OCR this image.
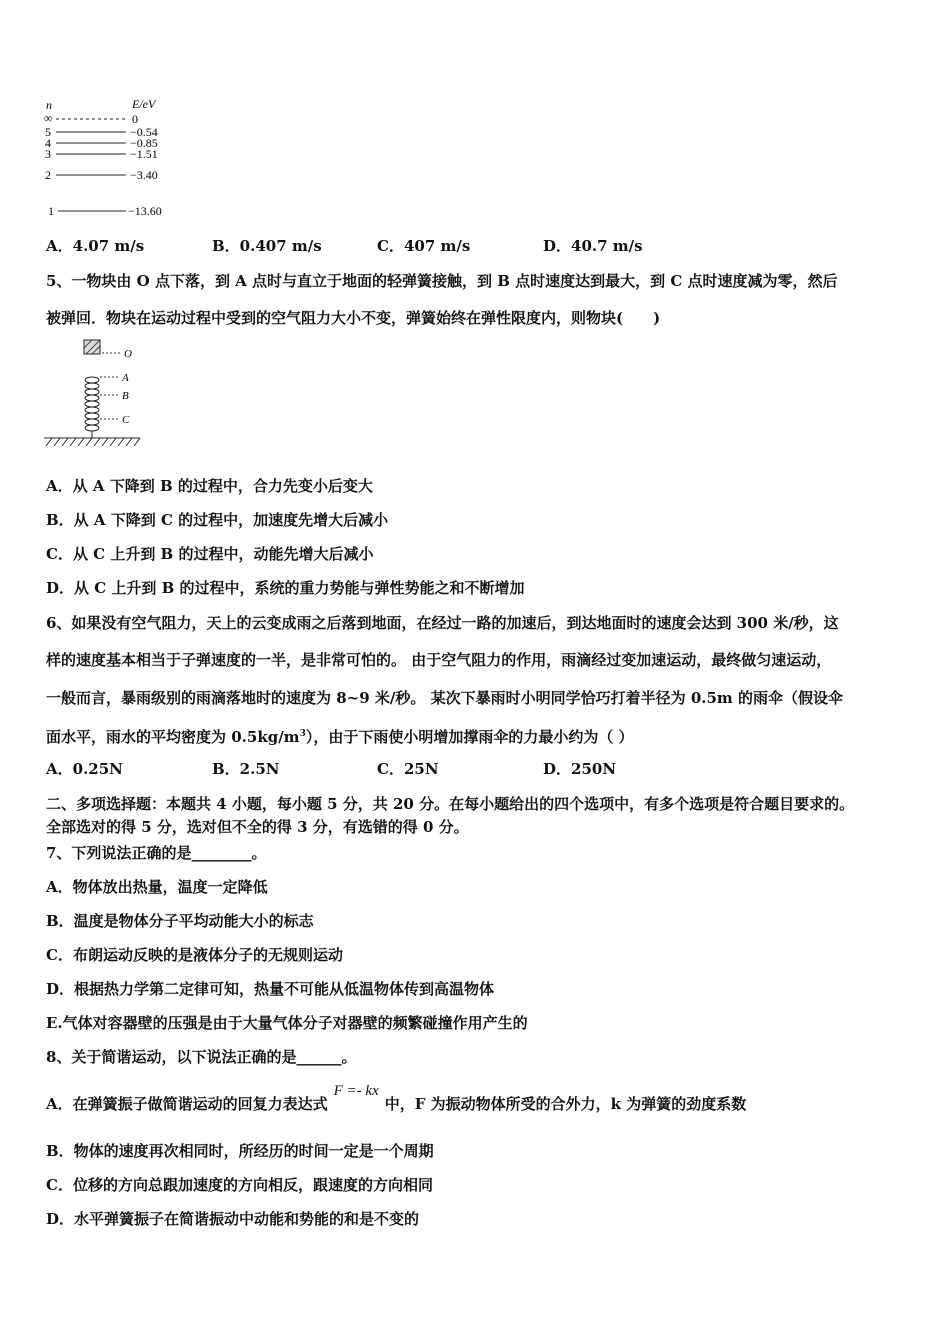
n	E/eV
∞	0
5	−0.54
4	−0.85
3	−1.51
2	−3.40
1	−13.60
A．4.07 m/s	B．0.407 m/s	C．407 m/s	D．40.7 m/s
5、一物块由 O 点下落，到 A 点时与直立于地面的轻弹簧接触，到 B 点时速度达到最大，到 C 点时速度减为零，然后
被弹回．物块在运动过程中受到的空气阻力大小不变，弹簧始终在弹性限度内，则物块(　　)
O
A
B
C
A．从 A 下降到 B 的过程中，合力先变小后变大
B．从 A 下降到 C 的过程中，加速度先增大后减小
C．从 C 上升到 B 的过程中，动能先增大后减小
D．从 C 上升到 B 的过程中，系统的重力势能与弹性势能之和不断增加
6、如果没有空气阻力，天上的云变成雨之后落到地面，在经过一路的加速后，到达地面时的速度会达到 300 米/秒，这
样的速度基本相当于子弹速度的一半，是非常可怕的。 由于空气阻力的作用，雨滴经过变加速运动，最终做匀速运动，
一般而言，暴雨级别的雨滴落地时的速度为 8~9 米/秒。 某次下暴雨时小明同学恰巧打着半径为 0.5m 的雨伞（假设伞
面水平，雨水的平均密度为 $0.5kg/m^3$），由于下雨使小明增加撑雨伞的力最小约为（ ）
A．0.25N	B．2.5N	C．25N	D．250N
二、多项选择题：本题共 4 小题，每小题 5 分，共 20 分。在每小题给出的四个选项中，有多个选项是符合题目要求的。
全部选对的得 5 分，选对但不全的得 3 分，有选错的得 0 分。
7、下列说法正确的是________。
A．物体放出热量，温度一定降低
B．温度是物体分子平均动能大小的标志
C．布朗运动反映的是液体分子的无规则运动
D．根据热力学第二定律可知，热量不可能从低温物体传到高温物体
E.气体对容器壁的压强是由于大量气体分子对器壁的频繁碰撞作用产生的
8、关于简谐运动，以下说法正确的是______。
A．在弹簧振子做简谐运动的回复力表达式F =- kx中，F 为振动物体所受的合外力，k 为弹簧的劲度系数
B．物体的速度再次相同时，所经历的时间一定是一个周期
C．位移的方向总跟加速度的方向相反，跟速度的方向相同
D．水平弹簧振子在简谐振动中动能和势能的和是不变的
